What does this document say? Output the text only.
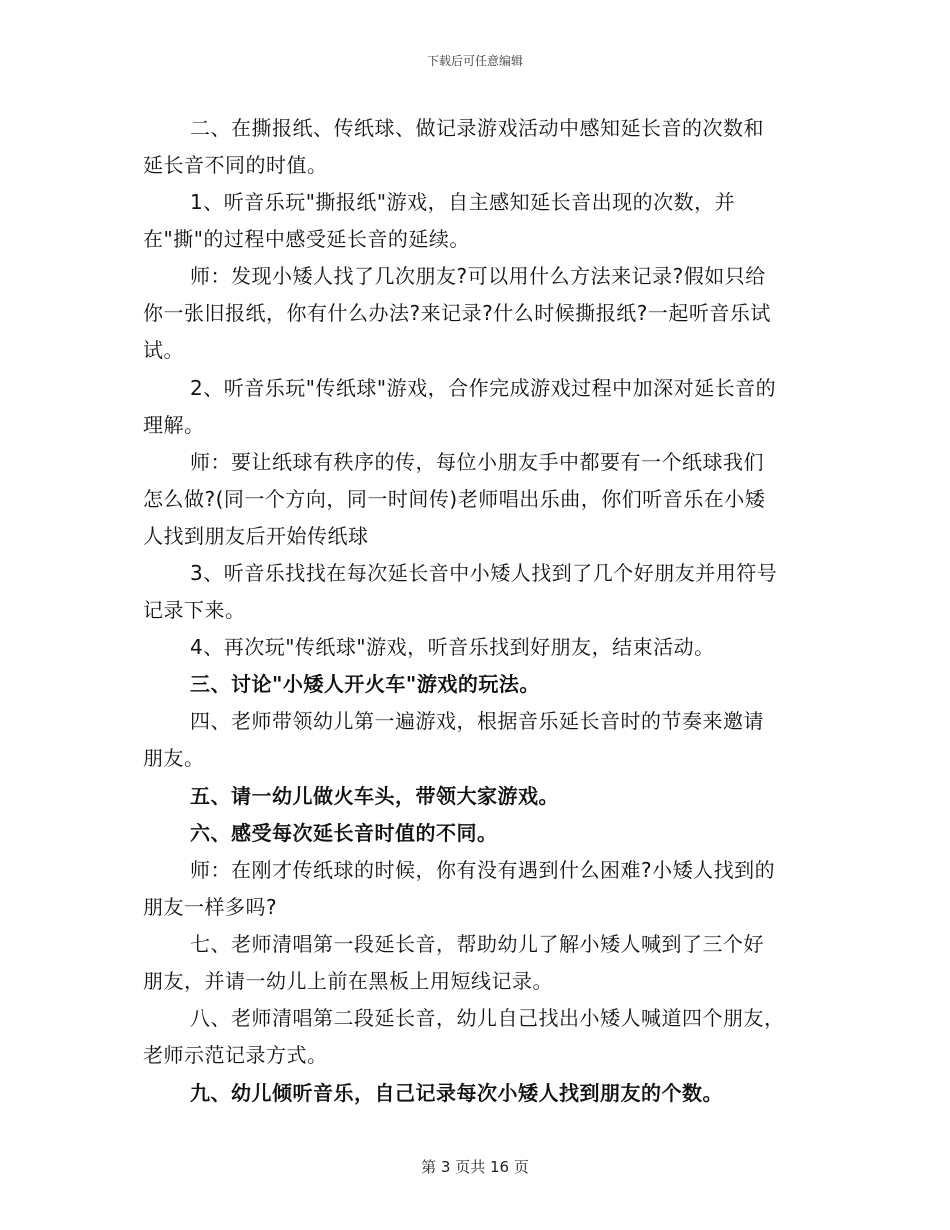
下载后可任意编辑
二、在撕报纸、传纸球、做记录游戏活动中感知延长音的次数和
延长音不同的时值。
1、听音乐玩"撕报纸"游戏，自主感知延长音出现的次数，并
在"撕"的过程中感受延长音的延续。
师：发现小矮人找了几次朋友?可以用什么方法来记录?假如只给
你一张旧报纸，你有什么办法?来记录?什么时候撕报纸?一起听音乐试
试。
2、听音乐玩"传纸球"游戏，合作完成游戏过程中加深对延长音的
理解。
师：要让纸球有秩序的传，每位小朋友手中都要有一个纸球我们
怎么做?(同一个方向，同一时间传)老师唱出乐曲，你们听音乐在小矮
人找到朋友后开始传纸球
3、听音乐找找在每次延长音中小矮人找到了几个好朋友并用符号
记录下来。
4、再次玩"传纸球"游戏，听音乐找到好朋友，结束活动。
三、讨论"小矮人开火车"游戏的玩法。
四、老师带领幼儿第一遍游戏，根据音乐延长音时的节奏来邀请
朋友。
五、请一幼儿做火车头，带领大家游戏。
六、感受每次延长音时值的不同。
师：在刚才传纸球的时候，你有没有遇到什么困难?小矮人找到的
朋友一样多吗?
七、老师清唱第一段延长音，帮助幼儿了解小矮人喊到了三个好
朋友，并请一幼儿上前在黑板上用短线记录。
八、老师清唱第二段延长音，幼儿自己找出小矮人喊道四个朋友，
老师示范记录方式。
九、幼儿倾听音乐，自己记录每次小矮人找到朋友的个数。
第 3 页共 16 页
